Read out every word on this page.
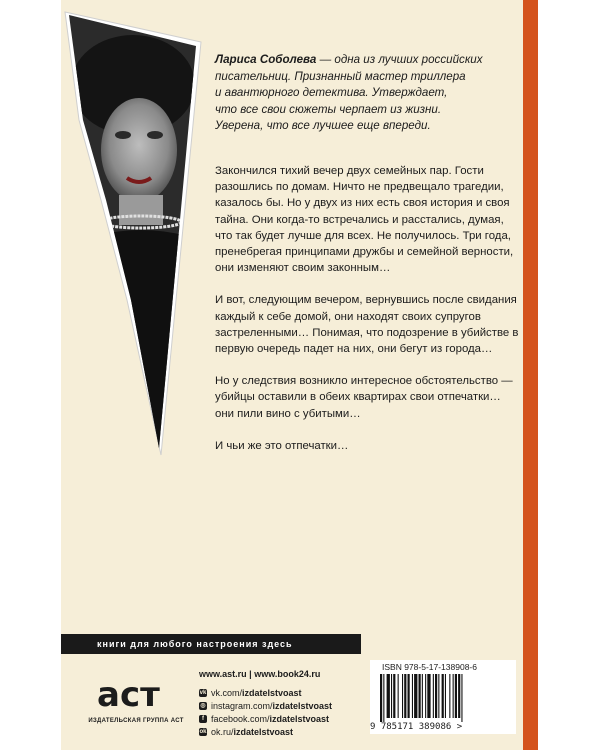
Лариса Соболева — одна из лучших российских
писательниц. Признанный мастер триллера
и авантюрного детектива. Утверждает,
что все свои сюжеты черпает из жизни.
Уверена, что все лучшее еще впереди.

Закончился тихий вечер двух семейных пар. Гости разошлись по домам. Ничто не предвещало трагедии, казалось бы. Но у двух из них есть своя история и своя тайна. Они когда-то встречались и расстались, думая, что так будет лучше для всех. Не получилось. Три года, пренебрегая принципами дружбы и семейной верности, они изменяют своим законным…

И вот, следующим вечером, вернувшись после свидания каждый к себе домой, они находят своих супругов застреленными… Понимая, что подозрение в убийстве в первую очередь падет на них, они бегут из города…

Но у следствия возникло интересное обстоятельство — убийцы оставили в обеих квартирах свои отпечатки… они пили вино с убитыми…

И чьи же это отпечатки…

книги для любого настроения здесь
аст
ИЗДАТЕЛЬСКАЯ ГРУППА АСТ
www.ast.ru | www.book24.ru
vk vk.com/ izdatelstvoast
◎ instagram.com/ izdatelstvoast
f facebook.com/ izdatelstvoast
ok ok.ru/ izdatelstvoast
ISBN 978-5-17-138908-6
9 785171 389086 >
